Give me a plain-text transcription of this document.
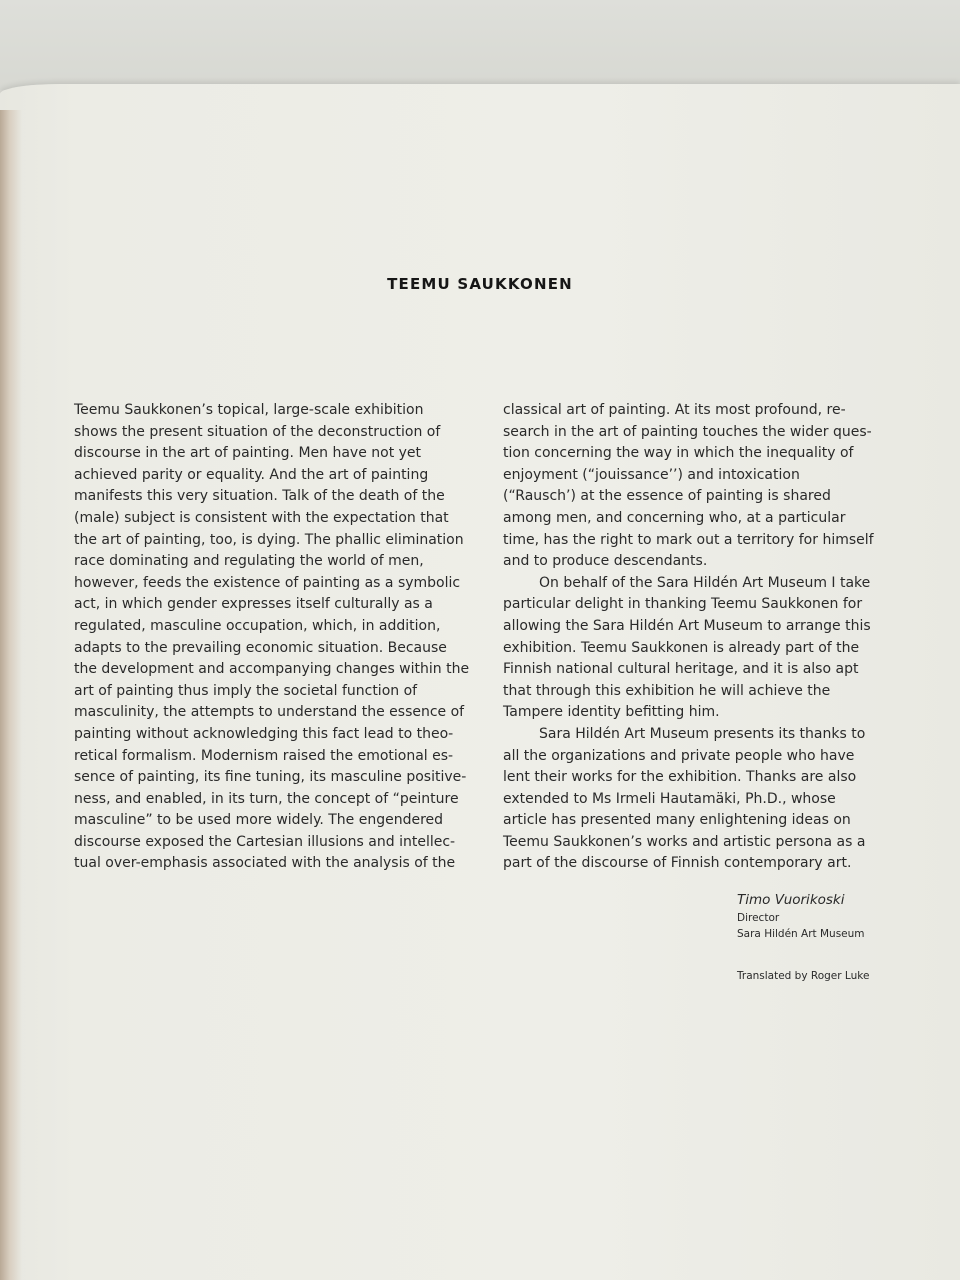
TEEMU SAUKKONEN

Teemu Saukkonen’s topical, large-scale exhibition shows the present situation of the deconstruction of discourse in the art of painting. Men have not yet achieved parity or equality. And the art of painting manifests this very situation. Talk of the death of the (male) subject is consistent with the expectation that the art of painting, too, is dying. The phallic elimination race dominating and regulating the world of men, however, feeds the existence of painting as a symbolic act, in which gender expresses itself culturally as a regulated, masculine occupation, which, in addition, adapts to the prevailing economic situation. Because the development and accompanying changes within the art of painting thus imply the societal function of masculinity, the attempts to understand the essence of painting without acknowledging this fact lead to theoretical formalism. Modernism raised the emotional essence of painting, its fine tuning, its masculine positiveness, and enabled, in its turn, the concept of “peinture masculine” to be used more widely. The engendered discourse exposed the Cartesian illusions and intellectual over-emphasis associated with the analysis of the

classical art of painting. At its most profound, research in the art of painting touches the wider question concerning the way in which the inequality of enjoyment (“jouissance’’) and intoxication (“Rausch’) at the essence of painting is shared among men, and concerning who, at a particular time, has the right to mark out a territory for himself and to produce descendants.

On behalf of the Sara Hildén Art Museum I take particular delight in thanking Teemu Saukkonen for allowing the Sara Hildén Art Museum to arrange this exhibition. Teemu Saukkonen is already part of the Finnish national cultural heritage, and it is also apt that through this exhibition he will achieve the Tampere identity befitting him.

Sara Hildén Art Museum presents its thanks to all the organizations and private people who have lent their works for the exhibition. Thanks are also extended to Ms Irmeli Hautamäki, Ph.D., whose article has presented many enlightening ideas on Teemu Saukkonen’s works and artistic persona as a part of the discourse of Finnish contemporary art.

Timo Vuorikoski
Director
Sara Hildén Art Museum
Translated by Roger Luke
